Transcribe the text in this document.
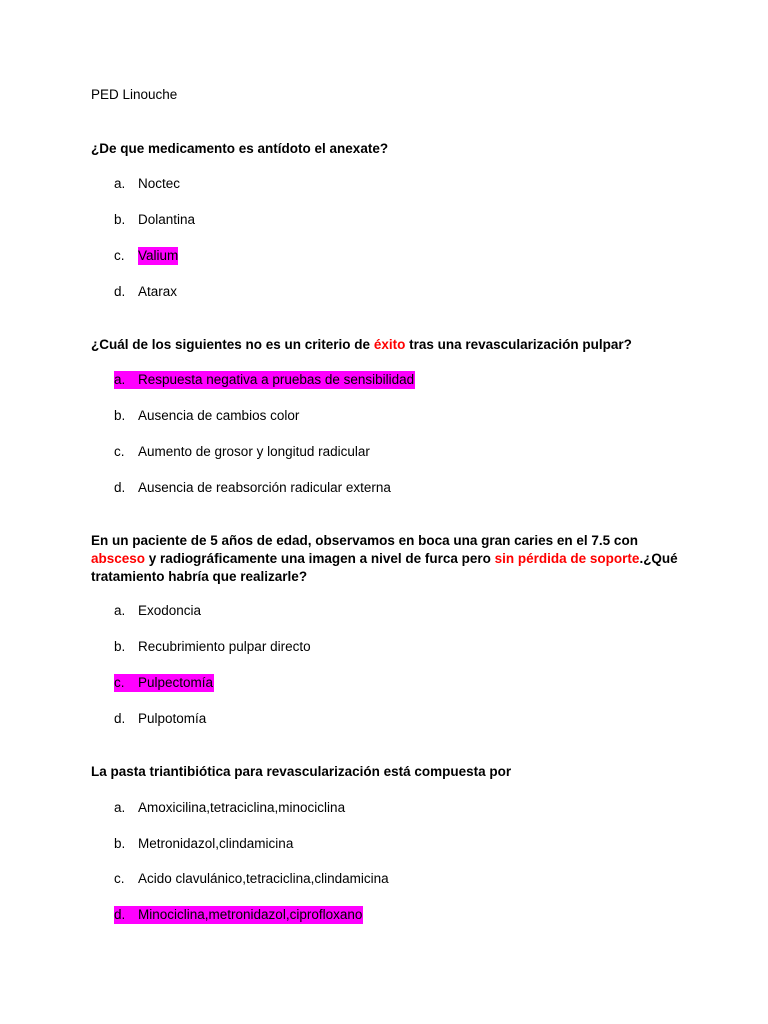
PED Linouche
¿De que medicamento es antídoto el anexate?
a. Noctec
b. Dolantina
c. Valium
d. Atarax
¿Cuál de los siguientes no es un criterio de éxito tras una revascularización pulpar?
a. Respuesta negativa a pruebas de sensibilidad
b. Ausencia de cambios color
c. Aumento de grosor y longitud radicular
d. Ausencia de reabsorción radicular externa
En un paciente de 5 años de edad, observamos en boca una gran caries en el 7.5 con
absceso y radiográficamente una imagen a nivel de furca pero sin pérdida de soporte.¿Qué
tratamiento habría que realizarle?
a. Exodoncia
b. Recubrimiento pulpar directo
c. Pulpectomía
d. Pulpotomía
La pasta triantibiótica para revascularización está compuesta por
a. Amoxicilina,tetraciclina,minociclina
b. Metronidazol,clindamicina
c. Acido clavulánico,tetraciclina,clindamicina
d. Minociclina,metronidazol,ciprofloxano
